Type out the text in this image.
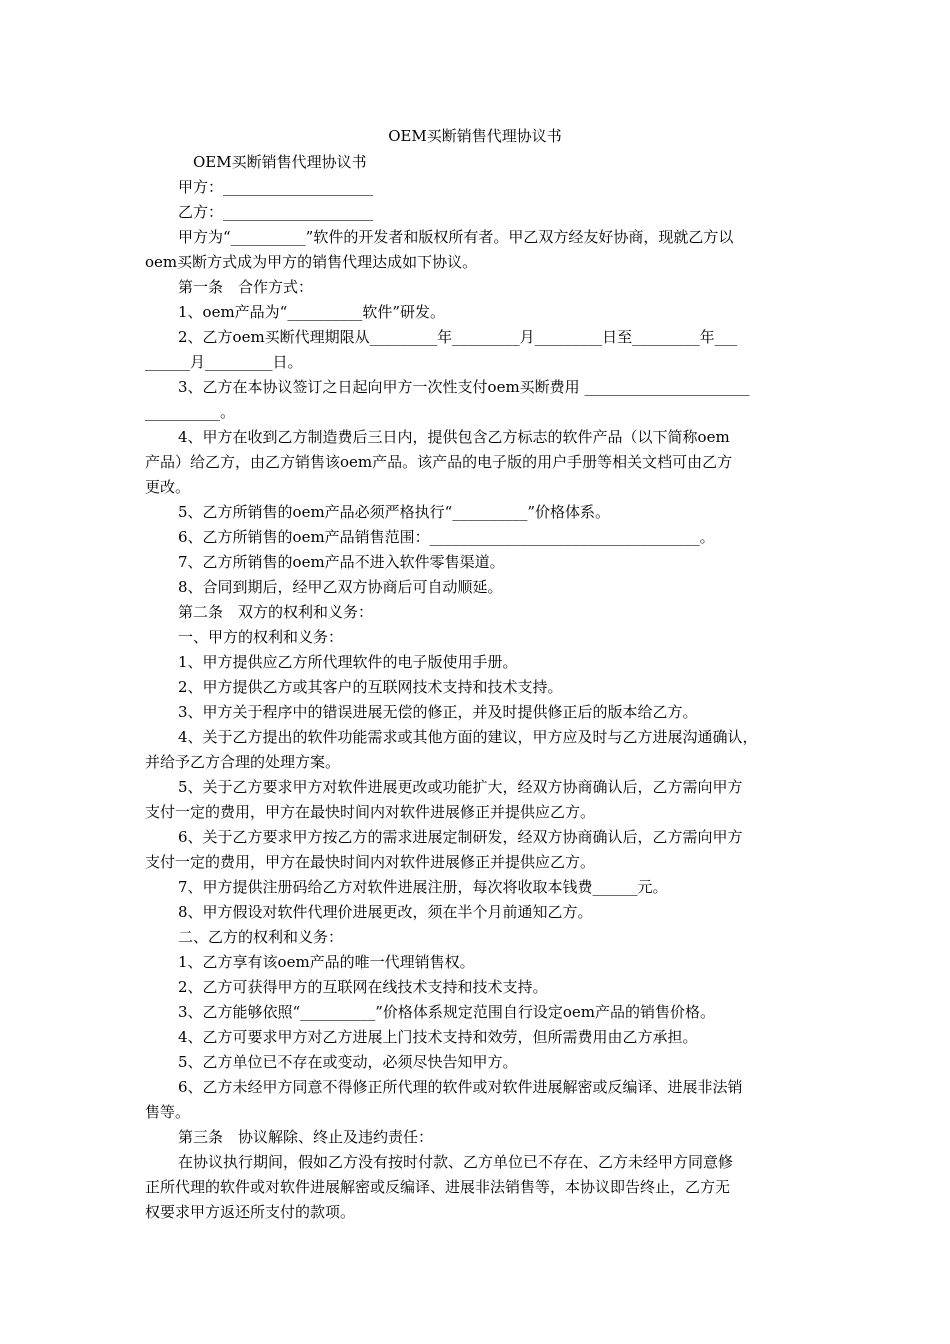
OEM买断销售代理协议书
OEM买断销售代理协议书
甲方：____________________
乙方：____________________
甲方为“__________”软件的开发者和版权所有者。甲乙双方经友好协商，现就乙方以
oem买断方式成为甲方的销售代理达成如下协议。
第一条　合作方式：
1、oem产品为“__________软件”研发。
2、乙方oem买断代理期限从_________年_________月_________日至_________年___
______月_________日。
3、乙方在本协议签订之日起向甲方一次性支付oem买断费用 ______________________
__________。
4、甲方在收到乙方制造费后三日内，提供包含乙方标志的软件产品（以下简称oem
产品）给乙方，由乙方销售该oem产品。该产品的电子版的用户手册等相关文档可由乙方
更改。
5、乙方所销售的oem产品必须严格执行“__________”价格体系。
6、乙方所销售的oem产品销售范围：____________________________________。
7、乙方所销售的oem产品不进入软件零售渠道。
8、合同到期后，经甲乙双方协商后可自动顺延。
第二条　双方的权利和义务：
一、甲方的权利和义务：
1、甲方提供应乙方所代理软件的电子版使用手册。
2、甲方提供乙方或其客户的互联网技术支持和技术支持。
3、甲方关于程序中的错误进展无偿的修正，并及时提供修正后的版本给乙方。
4、关于乙方提出的软件功能需求或其他方面的建议，甲方应及时与乙方进展沟通确认，
并给予乙方合理的处理方案。
5、关于乙方要求甲方对软件进展更改或功能扩大，经双方协商确认后，乙方需向甲方
支付一定的费用，甲方在最快时间内对软件进展修正并提供应乙方。
6、关于乙方要求甲方按乙方的需求进展定制研发，经双方协商确认后，乙方需向甲方
支付一定的费用，甲方在最快时间内对软件进展修正并提供应乙方。
7、甲方提供注册码给乙方对软件进展注册，每次将收取本钱费______元。
8、甲方假设对软件代理价进展更改，须在半个月前通知乙方。
二、乙方的权利和义务：
1、乙方享有该oem产品的唯一代理销售权。
2、乙方可获得甲方的互联网在线技术支持和技术支持。
3、乙方能够依照“__________”价格体系规定范围自行设定oem产品的销售价格。
4、乙方可要求甲方对乙方进展上门技术支持和效劳，但所需费用由乙方承担。
5、乙方单位已不存在或变动，必须尽快告知甲方。
6、乙方未经甲方同意不得修正所代理的软件或对软件进展解密或反编译、进展非法销
售等。
第三条　协议解除、终止及违约责任：
在协议执行期间，假如乙方没有按时付款、乙方单位已不存在、乙方未经甲方同意修
正所代理的软件或对软件进展解密或反编译、进展非法销售等，本协议即告终止，乙方无
权要求甲方返还所支付的款项。
